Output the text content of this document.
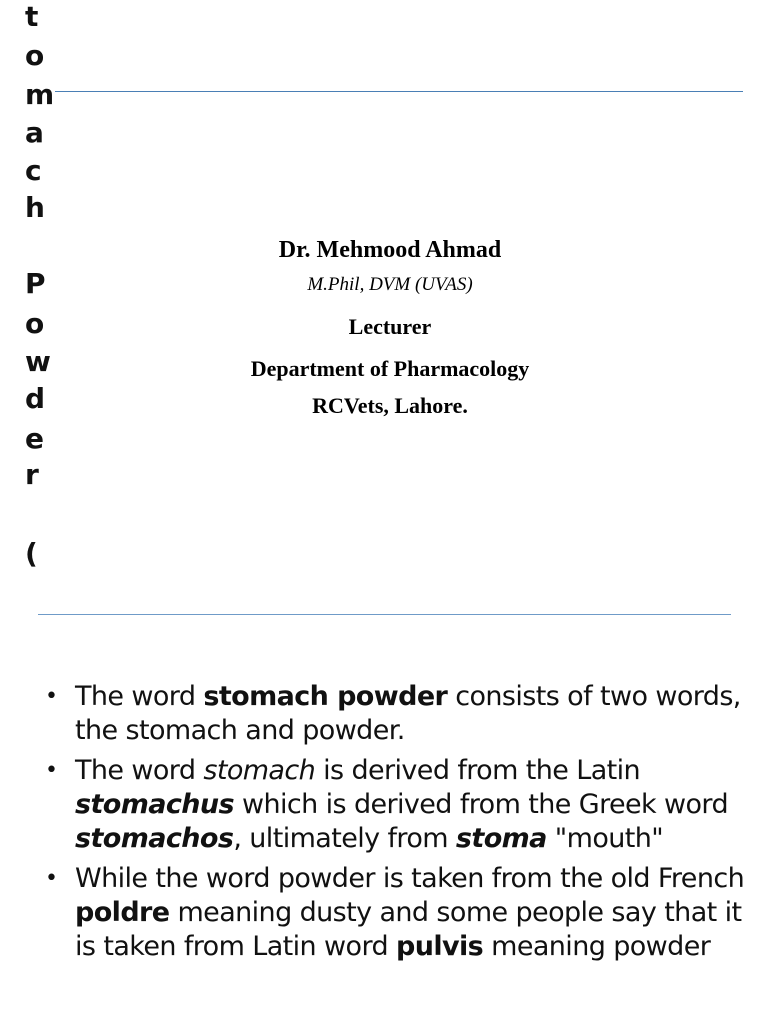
t
o
m
a
c
h
P
o
w
d
e
r
(
Dr. Mehmood Ahmad
M.Phil, DVM (UVAS)
Lecturer
Department of Pharmacology
RCVets, Lahore.
• The word stomach powder consists of two words, the stomach and powder.
• The word stomach is derived from the Latin stomachus which is derived from the Greek word stomachos, ultimately from stoma "mouth"
• While the word powder is taken from the old French poldre meaning dusty and some people say that it is taken from Latin word pulvis meaning powder
